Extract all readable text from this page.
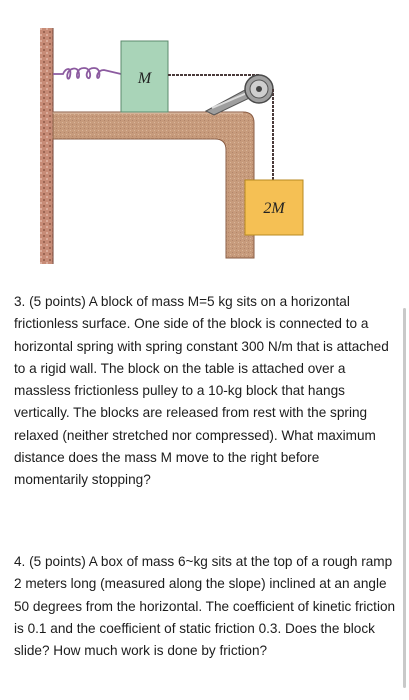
M
2M

3. (5 points) A block of mass M=5 kg sits on a horizontal frictionless surface. One side of the block is connected to a horizontal spring with spring constant 300 N/m that is attached to a rigid wall. The block on the table is attached over a massless frictionless pulley to a 10-kg block that hangs vertically. The blocks are released from rest with the spring relaxed (neither stretched nor compressed). What maximum distance does the mass M move to the right before momentarily stopping?

4. (5 points) A box of mass 6~kg sits at the top of a rough ramp 2 meters long (measured along the slope) inclined at an angle 50 degrees from the horizontal. The coefficient of kinetic friction is 0.1 and the coefficient of static friction 0.3. Does the block slide? How much work is done by friction?
